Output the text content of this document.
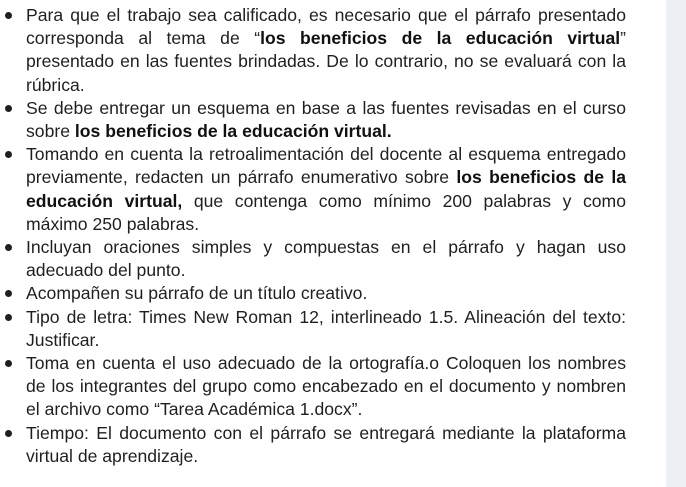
Para que el trabajo sea calificado, es necesario que el párrafo presentado corresponda al tema de “los beneficios de la educación virtual” presentado en las fuentes brindadas. De lo contrario, no se evaluará con la rúbrica.
Se debe entregar un esquema en base a las fuentes revisadas en el curso sobre los beneficios de la educación virtual.
Tomando en cuenta la retroalimentación del docente al esquema entregado previamente, redacten un párrafo enumerativo sobre los beneficios de la educación virtual, que contenga como mínimo 200 palabras y como máximo 250 palabras.
Incluyan oraciones simples y compuestas en el párrafo y hagan uso adecuado del punto.
Acompañen su párrafo de un título creativo.
Tipo de letra: Times New Roman 12, interlineado 1.5. Alineación del texto: Justificar.
Toma en cuenta el uso adecuado de la ortografía.o Coloquen los nombres de los integrantes del grupo como encabezado en el documento y nombren el archivo como “Tarea Académica 1.docx”.
Tiempo: El documento con el párrafo se entregará mediante la plataforma virtual de aprendizaje.
